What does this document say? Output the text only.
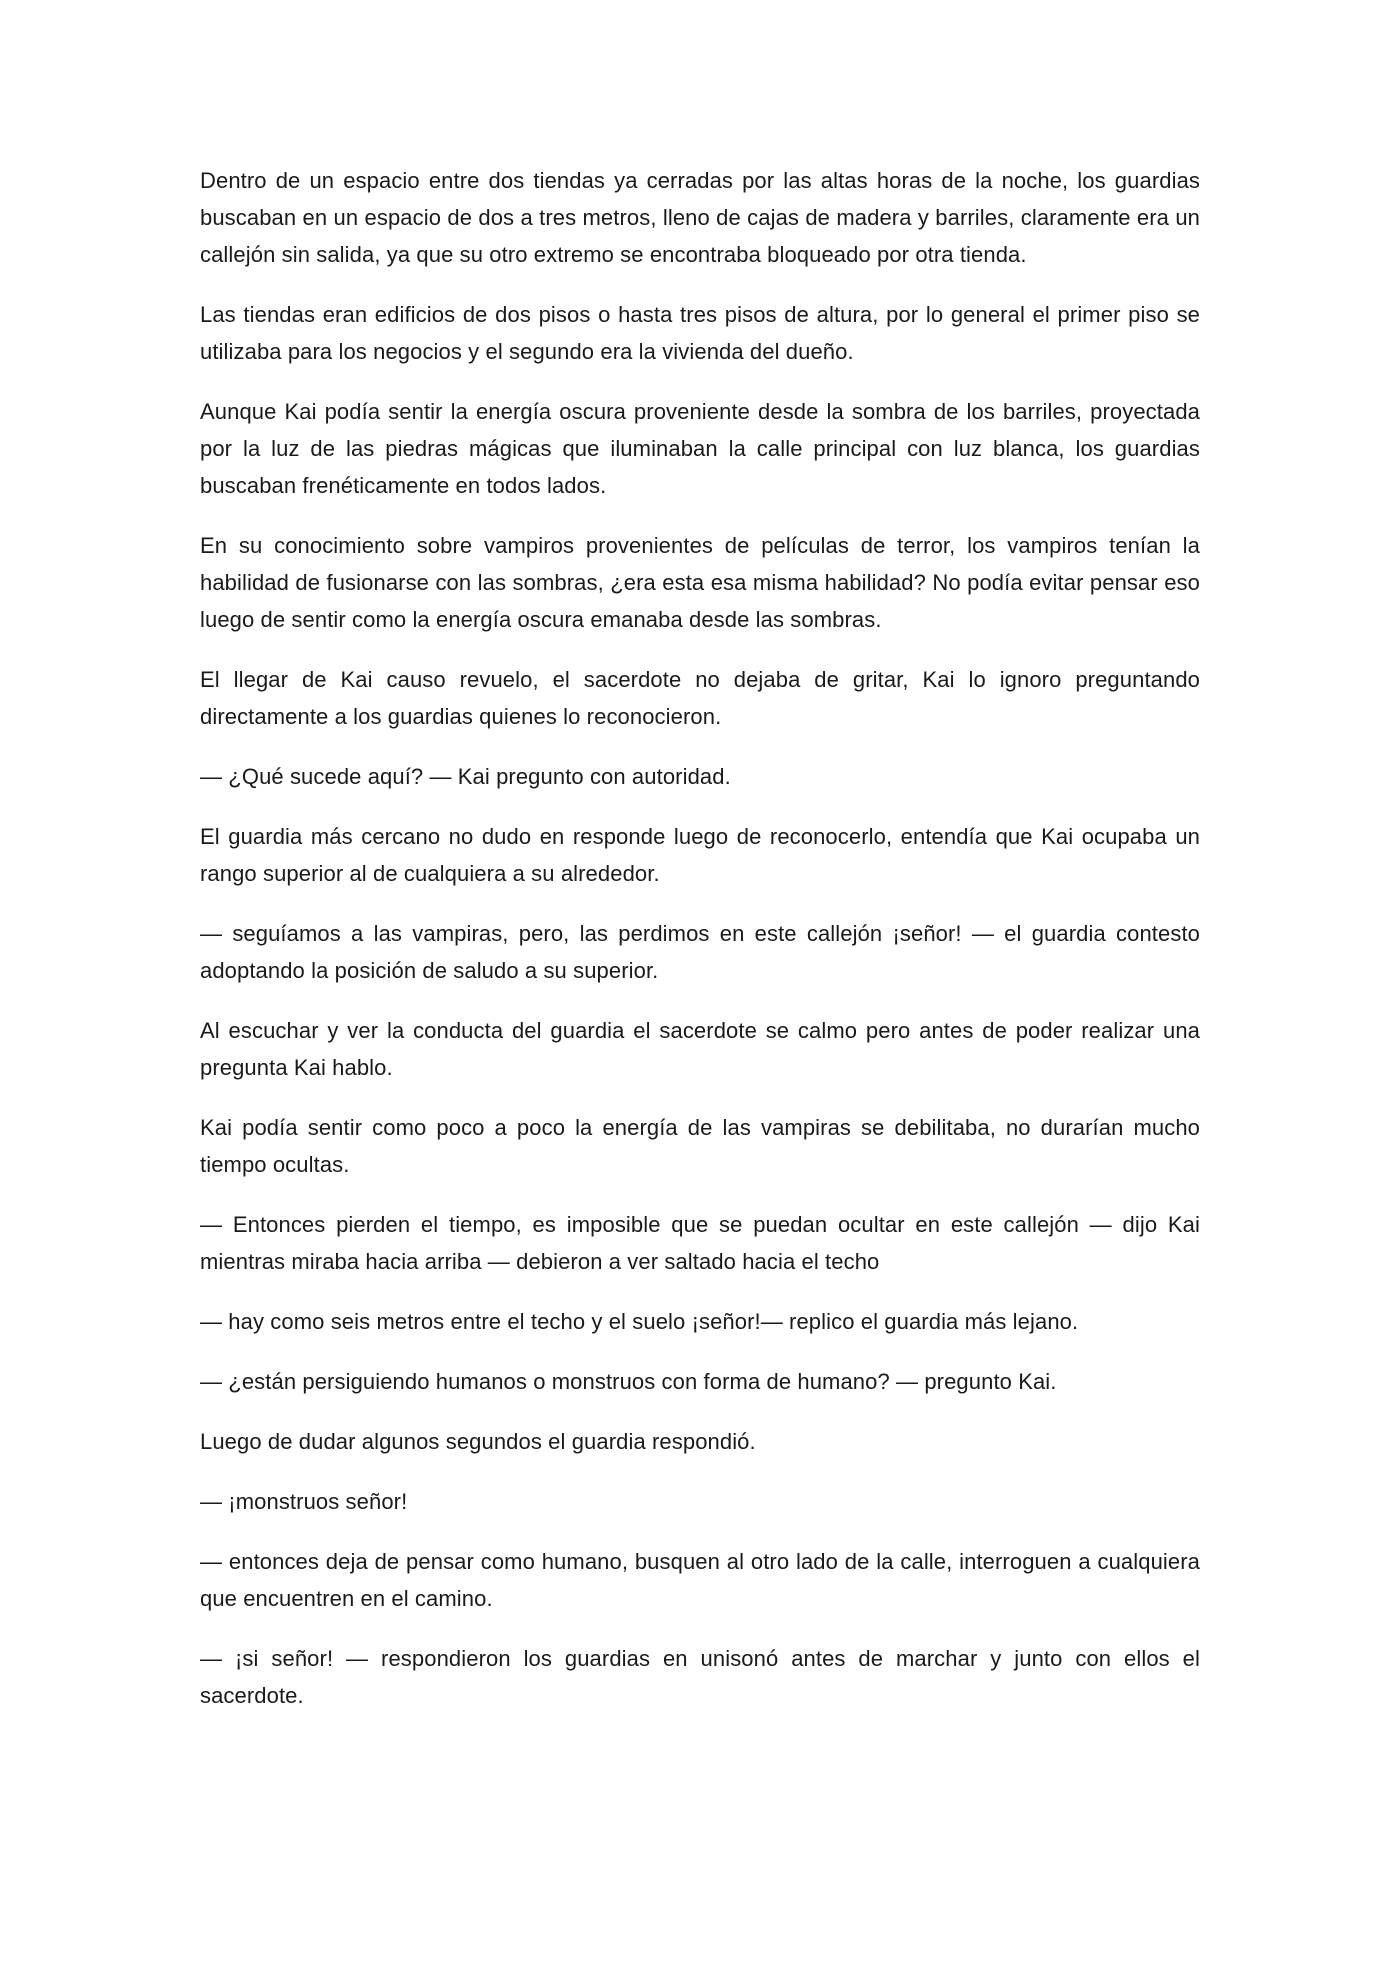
Dentro de un espacio entre dos tiendas ya cerradas por las altas horas de la noche, los guardias buscaban en un espacio de dos a tres metros, lleno de cajas de madera y barriles, claramente era un callejón sin salida, ya que su otro extremo se encontraba bloqueado por otra tienda.

Las tiendas eran edificios de dos pisos o hasta tres pisos de altura, por lo general el primer piso se utilizaba para los negocios y el segundo era la vivienda del dueño.

Aunque Kai podía sentir la energía oscura proveniente desde la sombra de los barriles, proyectada por la luz de las piedras mágicas que iluminaban la calle principal con luz blanca, los guardias buscaban frenéticamente en todos lados.

En su conocimiento sobre vampiros provenientes de películas de terror, los vampiros tenían la habilidad de fusionarse con las sombras, ¿era esta esa misma habilidad? No podía evitar pensar eso luego de sentir como la energía oscura emanaba desde las sombras.

El llegar de Kai causo revuelo, el sacerdote no dejaba de gritar, Kai lo ignoro preguntando directamente a los guardias quienes lo reconocieron.

— ¿Qué sucede aquí? — Kai pregunto con autoridad.

El guardia más cercano no dudo en responde luego de reconocerlo, entendía que Kai ocupaba un rango superior al de cualquiera a su alrededor.

— seguíamos a las vampiras, pero, las perdimos en este callejón ¡señor! — el guardia contesto adoptando la posición de saludo a su superior.

Al escuchar y ver la conducta del guardia el sacerdote se calmo pero antes de poder realizar una pregunta Kai hablo.

Kai podía sentir como poco a poco la energía de las vampiras se debilitaba, no durarían mucho tiempo ocultas.

— Entonces pierden el tiempo, es imposible que se puedan ocultar en este callejón — dijo Kai mientras miraba hacia arriba — debieron a ver saltado hacia el techo

— hay como seis metros entre el techo y el suelo ¡señor!— replico el guardia más lejano.

— ¿están persiguiendo humanos o monstruos con forma de humano? — pregunto Kai.

Luego de dudar algunos segundos el guardia respondió.

— ¡monstruos señor!

— entonces deja de pensar como humano, busquen al otro lado de la calle, interroguen a cualquiera que encuentren en el camino.

— ¡si señor! — respondieron los guardias en unisonó antes de marchar y junto con ellos el sacerdote.
